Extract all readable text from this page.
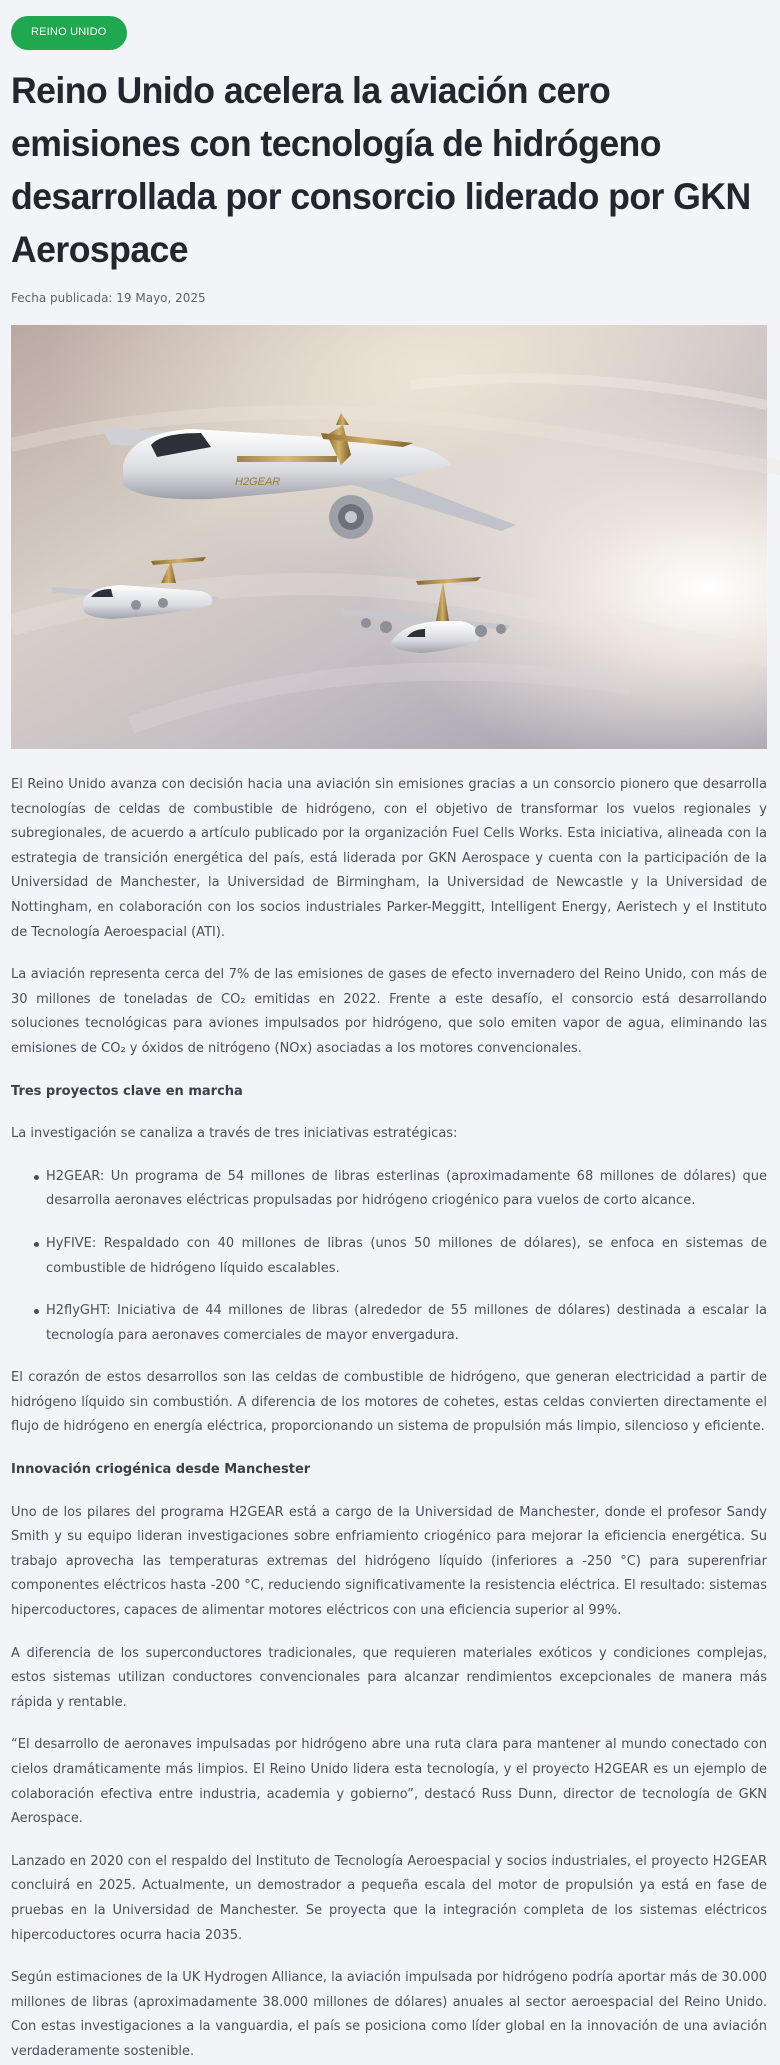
REINO UNIDO
Reino Unido acelera la aviación cero emisiones con tecnología de hidrógeno desarrollada por consorcio liderado por GKN Aerospace
Fecha publicada: 19 Mayo, 2025
H2GEAR

El Reino Unido avanza con decisión hacia una aviación sin emisiones gracias a un consorcio pionero que desarrolla tecnologías de celdas de combustible de hidrógeno, con el objetivo de transformar los vuelos regionales y subregionales, de acuerdo a artículo publicado por la organización Fuel Cells Works. Esta iniciativa, alineada con la estrategia de transición energética del país, está liderada por GKN Aerospace y cuenta con la participación de la Universidad de Manchester, la Universidad de Birmingham, la Universidad de Newcastle y la Universidad de Nottingham, en colaboración con los socios industriales Parker-Meggitt, Intelligent Energy, Aeristech y el Instituto de Tecnología Aeroespacial (ATI).

La aviación representa cerca del 7% de las emisiones de gases de efecto invernadero del Reino Unido, con más de 30 millones de toneladas de CO₂ emitidas en 2022. Frente a este desafío, el consorcio está desarrollando soluciones tecnológicas para aviones impulsados por hidrógeno, que solo emiten vapor de agua, eliminando las emisiones de CO₂ y óxidos de nitrógeno (NOx) asociadas a los motores convencionales.

Tres proyectos clave en marcha

La investigación se canaliza a través de tres iniciativas estratégicas:

H2GEAR: Un programa de 54 millones de libras esterlinas (aproximadamente 68 millones de dólares) que desarrolla aeronaves eléctricas propulsadas por hidrógeno criogénico para vuelos de corto alcance.
HyFIVE: Respaldado con 40 millones de libras (unos 50 millones de dólares), se enfoca en sistemas de combustible de hidrógeno líquido escalables.
H2flyGHT: Iniciativa de 44 millones de libras (alrededor de 55 millones de dólares) destinada a escalar la tecnología para aeronaves comerciales de mayor envergadura.

El corazón de estos desarrollos son las celdas de combustible de hidrógeno, que generan electricidad a partir de hidrógeno líquido sin combustión. A diferencia de los motores de cohetes, estas celdas convierten directamente el flujo de hidrógeno en energía eléctrica, proporcionando un sistema de propulsión más limpio, silencioso y eficiente.

Innovación criogénica desde Manchester

Uno de los pilares del programa H2GEAR está a cargo de la Universidad de Manchester, donde el profesor Sandy Smith y su equipo lideran investigaciones sobre enfriamiento criogénico para mejorar la eficiencia energética. Su trabajo aprovecha las temperaturas extremas del hidrógeno líquido (inferiores a -250 °C) para superenfriar componentes eléctricos hasta -200 °C, reduciendo significativamente la resistencia eléctrica. El resultado: sistemas hipercoductores, capaces de alimentar motores eléctricos con una eficiencia superior al 99%.

A diferencia de los superconductores tradicionales, que requieren materiales exóticos y condiciones complejas, estos sistemas utilizan conductores convencionales para alcanzar rendimientos excepcionales de manera más rápida y rentable.

“El desarrollo de aeronaves impulsadas por hidrógeno abre una ruta clara para mantener al mundo conectado con cielos dramáticamente más limpios. El Reino Unido lidera esta tecnología, y el proyecto H2GEAR es un ejemplo de colaboración efectiva entre industria, academia y gobierno”, destacó Russ Dunn, director de tecnología de GKN Aerospace.

Lanzado en 2020 con el respaldo del Instituto de Tecnología Aeroespacial y socios industriales, el proyecto H2GEAR concluirá en 2025. Actualmente, un demostrador a pequeña escala del motor de propulsión ya está en fase de pruebas en la Universidad de Manchester. Se proyecta que la integración completa de los sistemas eléctricos hipercoductores ocurra hacia 2035.

Según estimaciones de la UK Hydrogen Alliance, la aviación impulsada por hidrógeno podría aportar más de 30.000 millones de libras (aproximadamente 38.000 millones de dólares) anuales al sector aeroespacial del Reino Unido. Con estas investigaciones a la vanguardia, el país se posiciona como líder global en la innovación de una aviación verdaderamente sostenible.
